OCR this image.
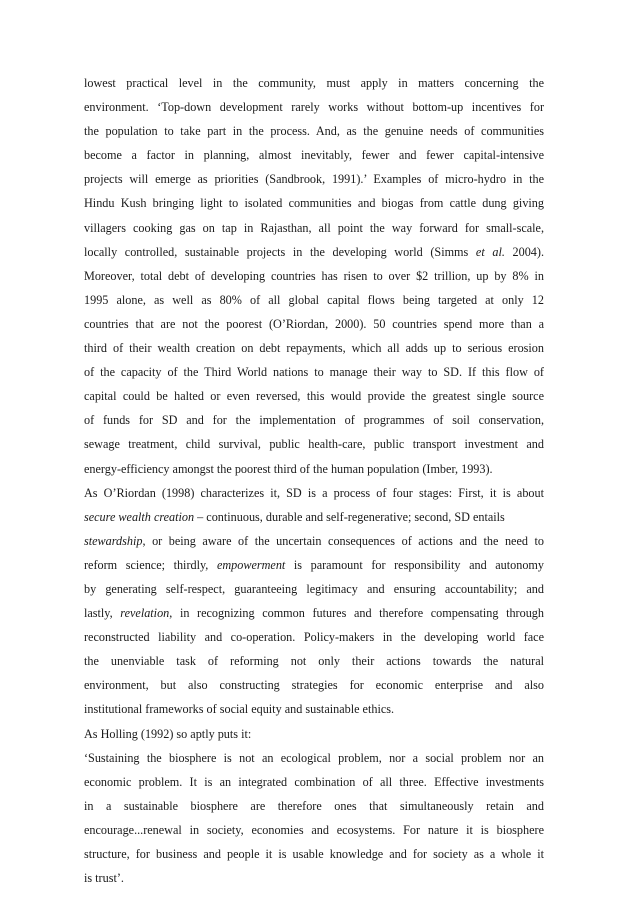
lowest practical level in the community, must apply in matters concerning the
environment. ‘Top-down development rarely works without bottom-up incentives for
the population to take part in the process. And, as the genuine needs of communities
become a factor in planning, almost inevitably, fewer and fewer capital-intensive
projects will emerge as priorities (Sandbrook, 1991).’ Examples of micro-hydro in the
Hindu Kush bringing light to isolated communities and biogas from cattle dung giving
villagers cooking gas on tap in Rajasthan, all point the way forward for small-scale,
locally controlled, sustainable projects in the developing world (Simms et al. 2004).
Moreover, total debt of developing countries has risen to over $2 trillion, up by 8% in
1995 alone, as well as 80% of all global capital flows being targeted at only 12
countries that are not the poorest (O’Riordan, 2000). 50 countries spend more than a
third of their wealth creation on debt repayments, which all adds up to serious erosion
of the capacity of the Third World nations to manage their way to SD. If this flow of
capital could be halted or even reversed, this would provide the greatest single source
of funds for SD and for the implementation of programmes of soil conservation,
sewage treatment, child survival, public health-care, public transport investment and
energy-efficiency amongst the poorest third of the human population (Imber, 1993).
As O’Riordan (1998) characterizes it, SD is a process of four stages: First, it is about
secure wealth creation – continuous, durable and self-regenerative; second, SD entails
stewardship, or being aware of the uncertain consequences of actions and the need to
reform science; thirdly, empowerment is paramount for responsibility and autonomy
by generating self-respect, guaranteeing legitimacy and ensuring accountability; and
lastly, revelation, in recognizing common futures and therefore compensating through
reconstructed liability and co-operation. Policy-makers in the developing world face
the unenviable task of reforming not only their actions towards the natural
environment, but also constructing strategies for economic enterprise and also
institutional frameworks of social equity and sustainable ethics.
As Holling (1992) so aptly puts it:
‘Sustaining the biosphere is not an ecological problem, nor a social problem nor an
economic problem. It is an integrated combination of all three. Effective investments
in a sustainable biosphere are therefore ones that simultaneously retain and
encourage...renewal in society, economies and ecosystems. For nature it is biosphere
structure, for business and people it is usable knowledge and for society as a whole it
is trust’.
